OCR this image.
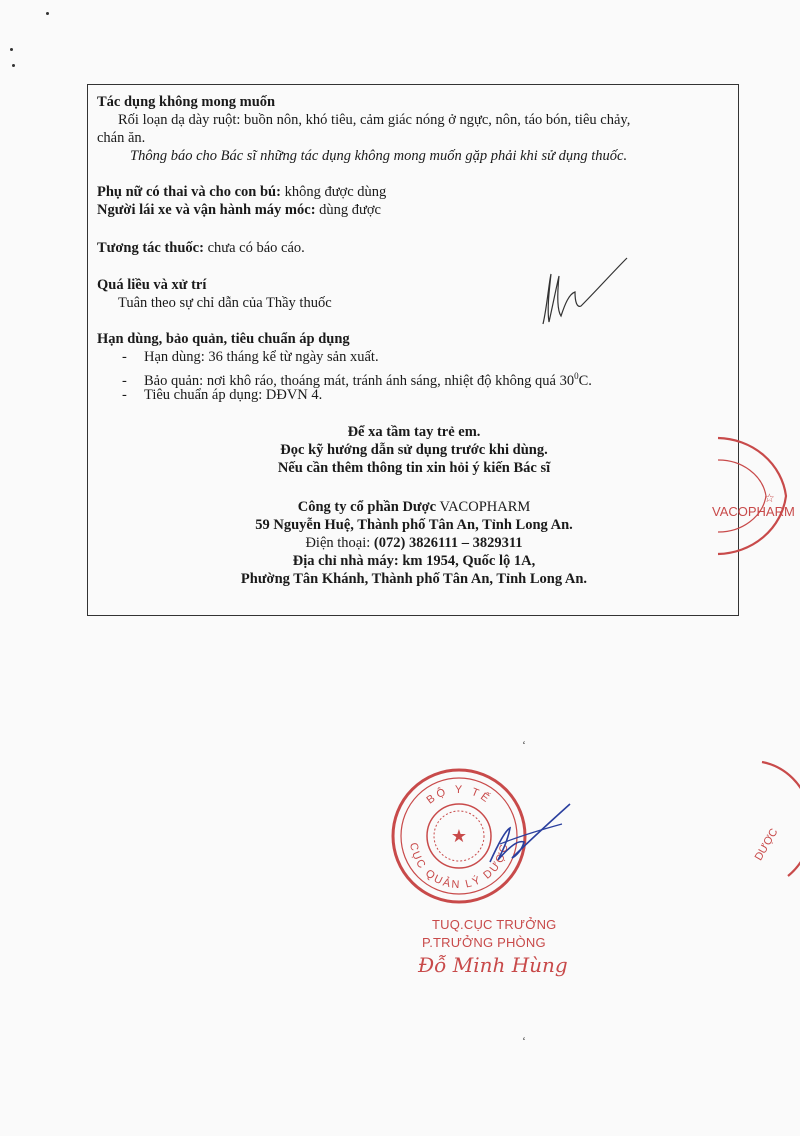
Tác dụng không mong muốn
Rối loạn dạ dày ruột: buồn nôn, khó tiêu, cảm giác nóng ở ngực, nôn, táo bón, tiêu chảy,
chán ăn.
Thông báo cho Bác sĩ những tác dụng không mong muốn gặp phải khi sử dụng thuốc.
Phụ nữ có thai và cho con bú: không được dùng
Người lái xe và vận hành máy móc: dùng được
Tương tác thuốc: chưa có báo cáo.
Quá liều và xử trí
Tuân theo sự chỉ dẫn của Thầy thuốc
Hạn dùng, bảo quản, tiêu chuẩn áp dụng
- Hạn dùng: 36 tháng kể từ ngày sản xuất.
- Bảo quản: nơi khô ráo, thoáng mát, tránh ánh sáng, nhiệt độ không quá $30^0C$.
- Tiêu chuẩn áp dụng: DĐVN 4.
Để xa tầm tay trẻ em.
Đọc kỹ hướng dẫn sử dụng trước khi dùng.
Nếu cần thêm thông tin xin hỏi ý kiến Bác sĩ
Công ty cổ phần Dược VACOPHARM
59 Nguyễn Huệ, Thành phố Tân An, Tỉnh Long An.
Điện thoại: (072) 3826111 – 3829311
Địa chỉ nhà máy: km 1954, Quốc lộ 1A,
Phường Tân Khánh, Thành phố Tân An, Tỉnh Long An.
VACOPHARM
☆
DƯỢC
BỘ Y TẾ
CỤC QUẢN LÝ DƯỢC
★
TUQ.CỤC TRƯỞNG
P.TRƯỞNG PHÒNG
Đỗ Minh Hùng
ʻ
ʻ
